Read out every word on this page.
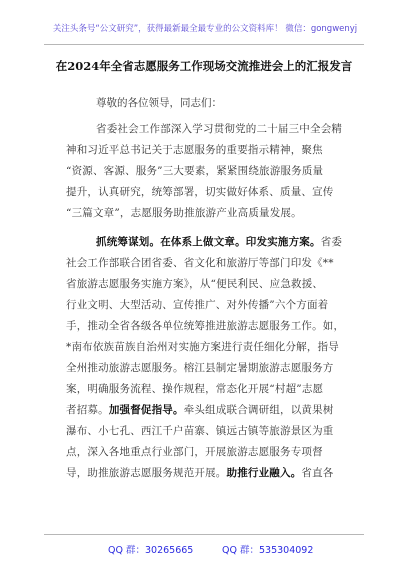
关注头条号“公文研究”，获得最新最全最专业的公文资料库！ 微信：gongwenyj
在2024年全省志愿服务工作现场交流推进会上的汇报发言
尊敬的各位领导，同志们：
省委社会工作部深入学习贯彻党的二十届三中全会精
神和习近平总书记关于志愿服务的重要指示精神，聚焦
“资源、客源、服务”三大要素，紧紧围绕旅游服务质量
提升，认真研究，统筹部署，切实做好体系、质量、宣传
“三篇文章”，志愿服务助推旅游产业高质量发展。
抓统筹谋划。在体系上做文章。印发实施方案。省委
社会工作部联合团省委、省文化和旅游厅等部门印发《**
省旅游志愿服务实施方案》，从“便民利民、应急救援、
行业文明、大型活动、宣传推广、对外传播”六个方面着
手，推动全省各级各单位统筹推进旅游志愿服务工作。如，
*南布依族苗族自治州对实施方案进行责任细化分解，指导
全州推动旅游志愿服务。榕江县制定暑期旅游志愿服务方
案，明确服务流程、操作规程，常态化开展“村超”志愿
者招募。加强督促指导。牵头组成联合调研组，以黄果树
瀑布、小七孔、西江千户苗寨、镇远古镇等旅游景区为重
点，深入各地重点行业部门，开展旅游志愿服务专项督
导，助推旅游志愿服务规范开展。助推行业融入。省直各
QQ 群：30265665	QQ 群：535304092
